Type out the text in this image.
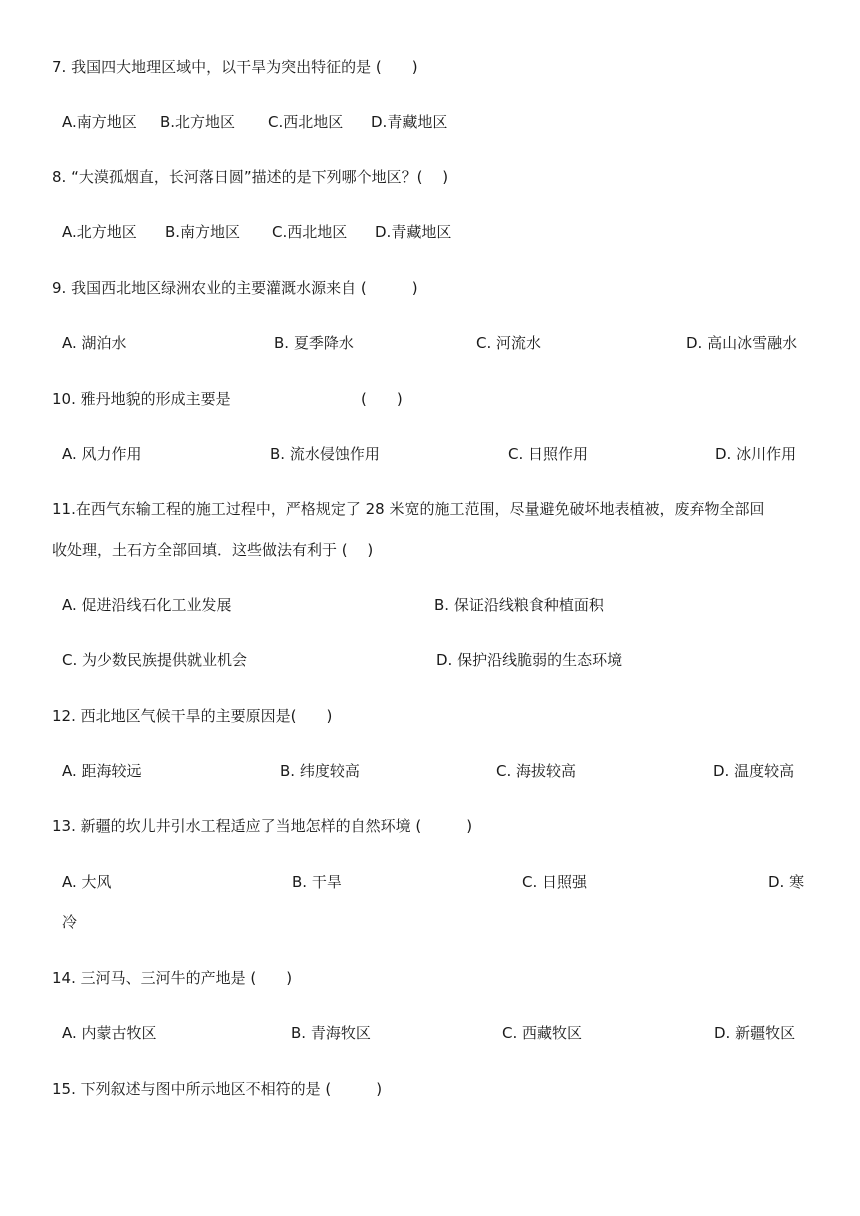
7. 我国四大地理区域中，以干旱为突出特征的是 (　　)
A.南方地区 B.北方地区 C.西北地区 D.青藏地区
8. “大漠孤烟直，长河落日圆”描述的是下列哪个地区？(　 )
A.北方地区 B.南方地区 C.西北地区 D.青藏地区
9. 我国西北地区绿洲农业的主要灌溉水源来自 (　　　)
A. 湖泊水	B. 夏季降水	C. 河流水	D. 高山冰雪融水
10. 雅丹地貌的形成主要是	(　　)
A. 风力作用	B. 流水侵蚀作用	C. 日照作用	D. 冰川作用
11.在西气东输工程的施工过程中，严格规定了 28 米宽的施工范围，尽量避免破坏地表植被，废弃物全部回
收处理，土石方全部回填．这些做法有利于 (　 )
A. 促进沿线石化工业发展	B. 保证沿线粮食种植面积
C. 为少数民族提供就业机会	D. 保护沿线脆弱的生态环境
12. 西北地区气候干旱的主要原因是(　　)
A. 距海较远	B. 纬度较高	C. 海拔较高	D. 温度较高
13. 新疆的坎儿井引水工程适应了当地怎样的自然环境 (　　　)
A. 大风	B. 干旱	C. 日照强	D. 寒
冷
14. 三河马、三河牛的产地是 (　　)
A. 内蒙古牧区	B. 青海牧区	C. 西藏牧区	D. 新疆牧区
15. 下列叙述与图中所示地区不相符的是 (　　　)
